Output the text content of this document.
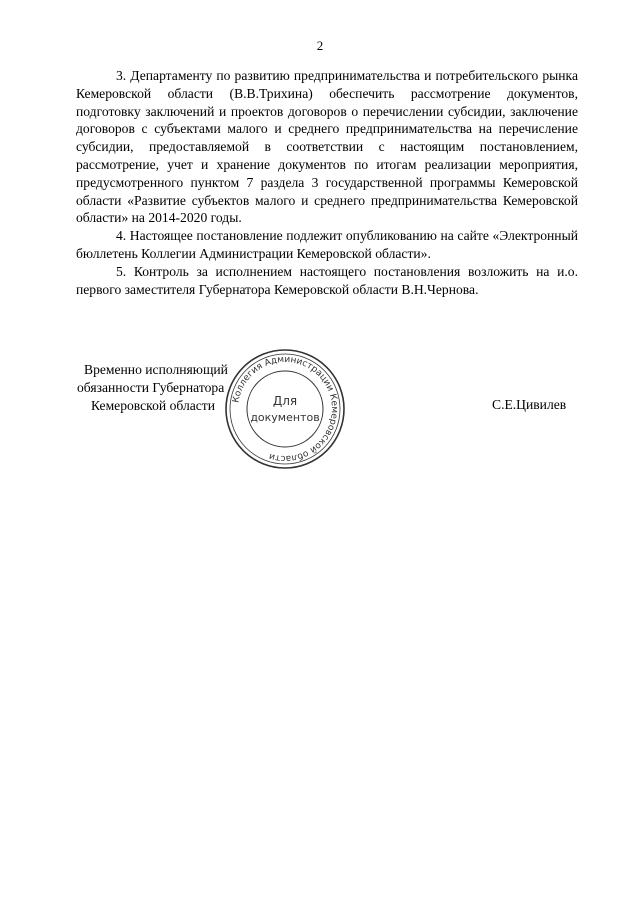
2

3. Департаменту по развитию предпринимательства и потребительского рынка Кемеровской области (В.В.Трихина) обеспечить рассмотрение документов, подготовку заключений и проектов договоров о перечислении субсидии, заключение договоров с субъектами малого и среднего предпринимательства на перечисление субсидии, предоставляемой в соответствии с настоящим постановлением, рассмотрение, учет и хранение документов по итогам реализации мероприятия, предусмотренного пунктом 7 раздела 3 государственной программы Кемеровской области «Развитие субъектов малого и среднего предпринимательства Кемеровской области» на 2014-2020 годы.

4. Настоящее постановление подлежит опубликованию на сайте «Электронный бюллетень Коллегии Администрации Кемеровской области».

5. Контроль за исполнением настоящего постановления возложить на и.о. первого заместителя Губернатора Кемеровской области В.Н.Чернова.

Временно исполняющий
обязанности Губернатора
Кемеровской области	С.Е.Цивилев
Коллегия Администрации Кемеровской области
Для
документов
